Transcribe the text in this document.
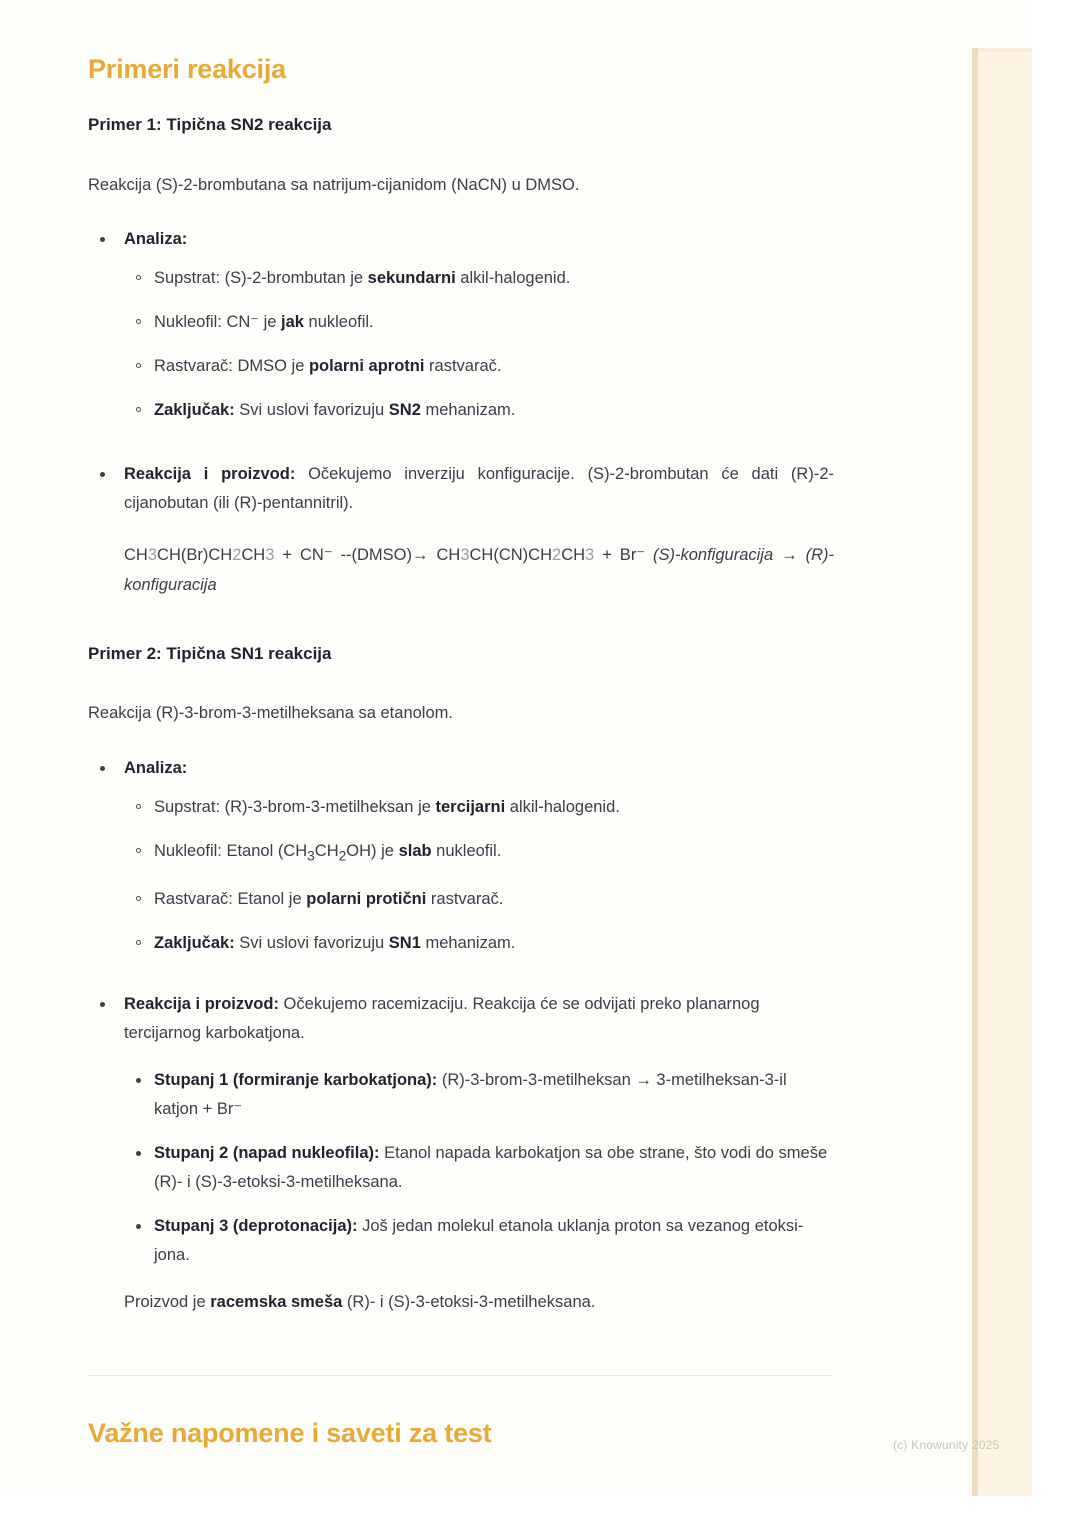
Primeri reakcija
Primer 1: Tipična SN2 reakcija

Reakcija (S)-2-brombutana sa natrijum-cijanidom (NaCN) u DMSO.

Analiza:
Supstrat: (S)-2-brombutan je sekundarni alkil-halogenid.
Nukleofil: CN⁻ je jak nukleofil.
Rastvarač: DMSO je polarni aprotni rastvarač.
Zaključak: Svi uslovi favorizuju SN2 mehanizam.
Reakcija i proizvod: Očekujemo inverziju konfiguracije. (S)-2-brombutan će dati (R)-2-cijanobutan (ili (R)-pentannitril).
CH3CH(Br)CH2CH3 + CN⁻ --(DMSO)→ CH3CH(CN)CH2CH3 + Br⁻ (S)-konfiguracija → (R)-konfiguracija
Primer 2: Tipična SN1 reakcija

Reakcija (R)-3-brom-3-metilheksana sa etanolom.

Analiza:
Supstrat: (R)-3-brom-3-metilheksan je tercijarni alkil-halogenid.
Nukleofil: Etanol $(CH_3CH_2OH)$ je slab nukleofil.
Rastvarač: Etanol je polarni protični rastvarač.
Zaključak: Svi uslovi favorizuju SN1 mehanizam.
Reakcija i proizvod: Očekujemo racemizaciju. Reakcija će se odvijati preko planarnog tercijarnog karbokatjona.
Stupanj 1 (formiranje karbokatjona): (R)-3-brom-3-metilheksan → 3-metilheksan-3-il katjon + Br⁻
Stupanj 2 (napad nukleofila): Etanol napada karbokatjon sa obe strane, što vodi do smeše (R)- i (S)-3-etoksi-3-metilheksana.
Stupanj 3 (deprotonacija): Još jedan molekul etanola uklanja proton sa vezanog etoksi-jona.
Proizvod je racemska smeša (R)- i (S)-3-etoksi-3-metilheksana.
Važne napomene i saveti za test	(c) Knowunity 2025
